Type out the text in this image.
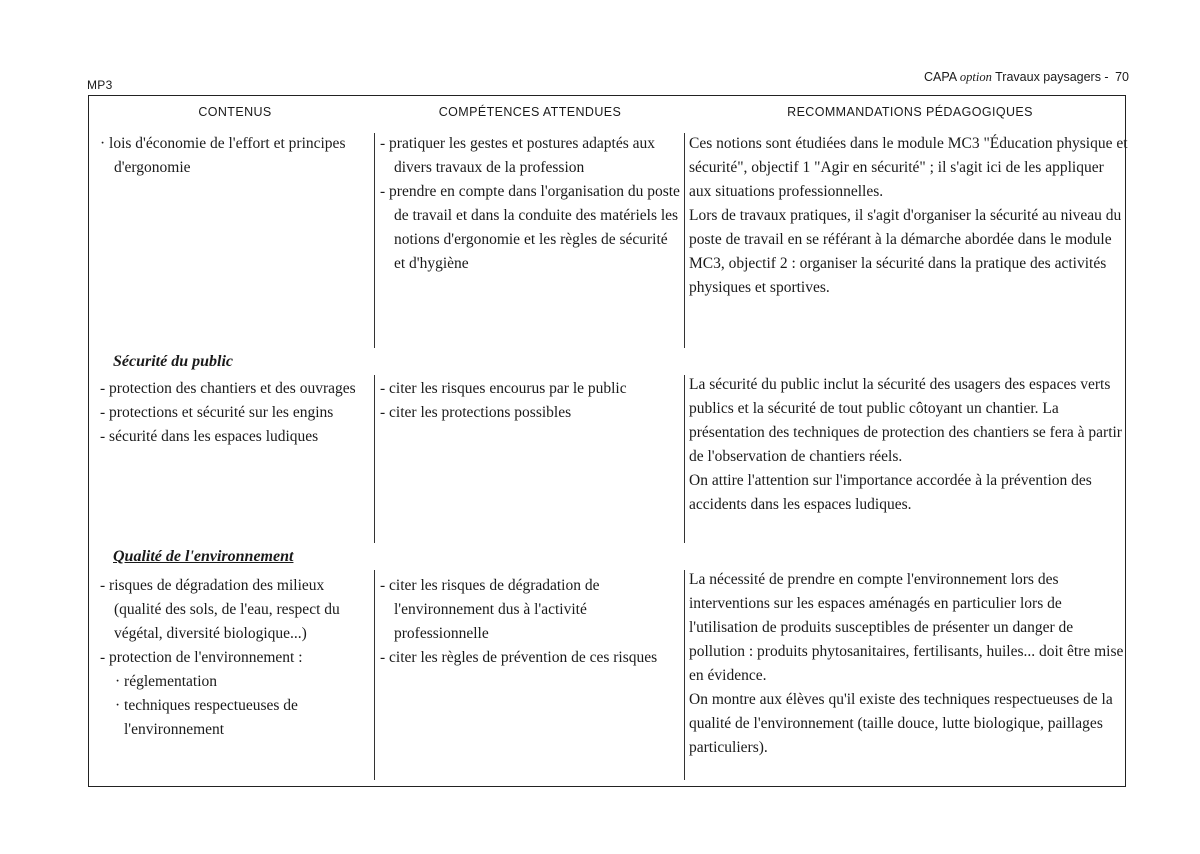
MP3
CAPA option Travaux paysagers - 70
CONTENUS	COMPÉTENCES ATTENDUES	RECOMMANDATIONS PÉDAGOGIQUES
· lois d'économie de l'effort et principes d'ergonomie
- pratiquer les gestes et postures adaptés aux divers travaux de la profession
- prendre en compte dans l'organisation du poste de travail et dans la conduite des matériels les notions d'ergonomie et les règles de sécurité et d'hygiène

Ces notions sont étudiées dans le module MC3 "Éducation physique et sécurité", objectif 1 "Agir en sécurité" ; il s'agit ici de les appliquer aux situations professionnelles.

Lors de travaux pratiques, il s'agit d'organiser la sécurité au niveau du poste de travail en se référant à la démarche abordée dans le module MC3, objectif 2 : organiser la sécurité dans la pratique des activités physiques et sportives.

Sécurité du public
- protection des chantiers et des ouvrages
- protections et sécurité sur les engins
- sécurité dans les espaces ludiques
- citer les risques encourus par le public
- citer les protections possibles

La sécurité du public inclut la sécurité des usagers des espaces verts publics et la sécurité de tout public côtoyant un chantier. La présentation des techniques de protection des chantiers se fera à partir de l'observation de chantiers réels.

On attire l'attention sur l'importance accordée à la prévention des accidents dans les espaces ludiques.

Qualité de l'environnement
- risques de dégradation des milieux (qualité des sols, de l'eau, respect du végétal, diversité biologique...)
- protection de l'environnement :
· réglementation
· techniques respectueuses de l'environnement
- citer les risques de dégradation de l'environnement dus à l'activité professionnelle
- citer les règles de prévention de ces risques

La nécessité de prendre en compte l'environnement lors des interventions sur les espaces aménagés en particulier lors de l'utilisation de produits susceptibles de présenter un danger de pollution : produits phytosanitaires, fertilisants, huiles... doit être mise en évidence.

On montre aux élèves qu'il existe des techniques respectueuses de la qualité de l'environnement (taille douce, lutte biologique, paillages particuliers).
